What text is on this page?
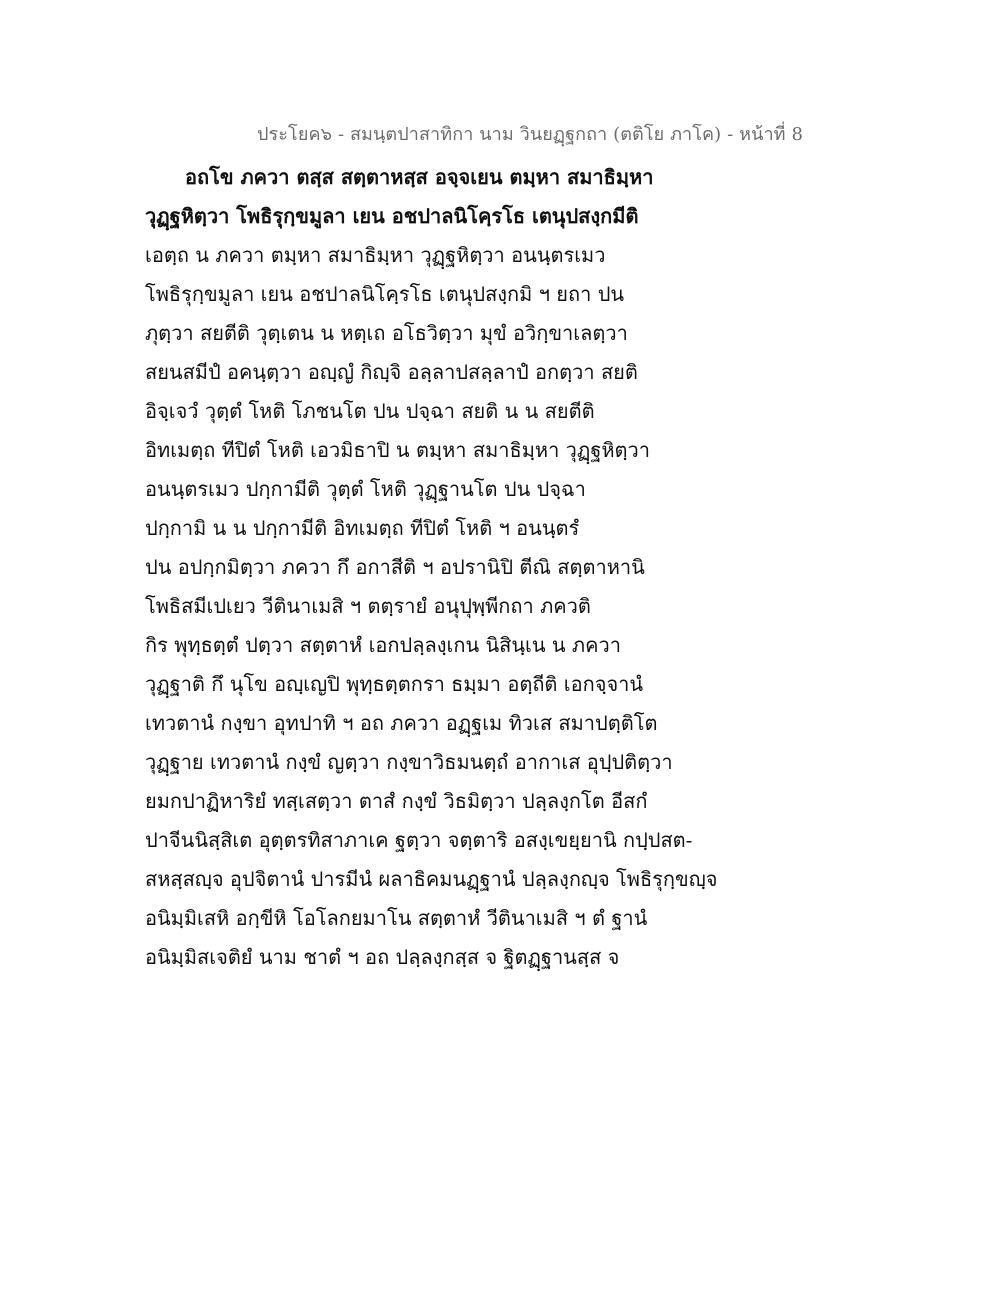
ประโยค๖ - สมนฺตปาสาทิกา นาม วินยฏฺฐกถา (ตติโย ภาโค) - หน้าที่ 8
อถโข ภควา ตสฺส สตฺตาหสฺส อจฺจเยน ตมฺหา สมาธิมฺหา
วุฏฺฐหิตฺวา โพธิรุกฺขมูลา เยน อชปาลนิโคฺรโธ เตนุปสงฺกมีติ
เอตฺถ น ภควา ตมฺหา สมาธิมฺหา วุฏฺฐหิตฺวา อนนฺตรเมว
โพธิรุกฺขมูลา เยน อชปาลนิโคฺรโธ เตนุปสงฺกมิ ฯ ยถา ปน
ภุตฺวา สยตีติ วุตฺเตน น หตฺเถ อโธวิตฺวา มุขํ อวิกฺขาเลตฺวา
สยนสมีปํ อคนฺตฺวา อญฺญํ กิญฺจิ อลฺลาปสลฺลาปํ อกตฺวา สยติ
อิจฺเจวํ วุตฺตํ โหติ โภชนโต ปน ปจฺฉา สยติ น น สยตีติ
อิทเมตฺถ ทีปิตํ โหติ เอวมิธาปิ น ตมฺหา สมาธิมฺหา วุฏฺฐหิตฺวา
อนนฺตรเมว ปกฺกามีติ วุตฺตํ โหติ วุฏฺฐานโต ปน ปจฺฉา
ปกฺกามิ น น ปกฺกามีติ อิทเมตฺถ ทีปิตํ โหติ ฯ อนนฺตรํ
ปน อปกฺกมิตฺวา ภควา กึ อกาสีติ ฯ อปรานิปิ ตีณิ สตฺตาหานิ
โพธิสมีเปเยว วีตินาเมสิ ฯ ตตฺรายํ อนุปุพฺพีกถา ภควติ
กิร พุทฺธตฺตํ ปตฺวา สตฺตาหํ เอกปลฺลงฺเกน นิสินฺเน น ภควา
วุฏฺฐาติ กึ นุโข อญฺเญปิ พุทฺธตฺตกรา ธมฺมา อตฺถีติ เอกจฺจานํ
เทวตานํ กงฺขา อุทปาทิ ฯ อถ ภควา อฏฺฐเม ทิวเส สมาปตฺติโต
วุฏฺฐาย เทวตานํ กงฺขํ ญตฺวา กงฺขาวิธมนตฺถํ อากาเส อุปฺปติตฺวา
ยมกปาฏิหาริยํ ทสฺเสตฺวา ตาสํ กงฺขํ วิธมิตฺวา ปลฺลงฺกโต อีสกํ
ปาจีนนิสฺสิเต อุตฺตรทิสาภาเค ฐตฺวา จตฺตาริ อสงฺเขยฺยานิ กปฺปสต-
สหสฺสญฺจ อุปจิตานํ ปารมีนํ ผลาธิคมนฏฺฐานํ ปลฺลงฺกญฺจ โพธิรุกฺขญฺจ
อนิมฺมิเสหิ อกฺขีหิ โอโลกยมาโน สตฺตาหํ วีตินาเมสิ ฯ ตํ ฐานํ
อนิมฺมิสเจติยํ นาม ชาตํ ฯ อถ ปลฺลงฺกสฺส จ ฐิตฏฺฐานสฺส จ
